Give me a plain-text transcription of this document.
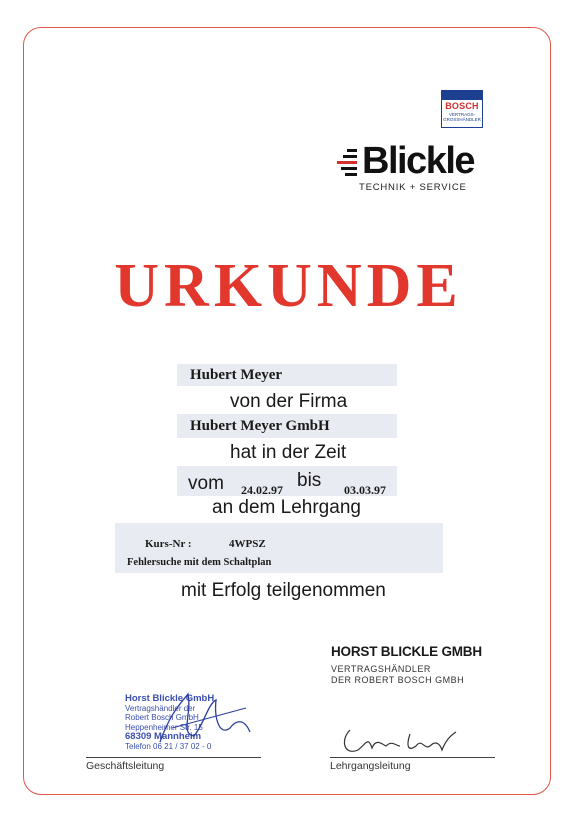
BOSCH
VERTRAGS-
GROSSHÄNDLER
Blickle
TECHNIK + SERVICE
URKUNDE
Hubert Meyer
von der Firma
Hubert Meyer GmbH
hat in der Zeit
vom 24.02.97 bis 03.03.97
an dem Lehrgang
Kurs-Nr :	4WPSZ
Fehlersuche mit dem Schaltplan
mit Erfolg teilgenommen
HORST BLICKLE GMBH
VERTRAGSHÄNDLER
DER ROBERT BOSCH GMBH
Horst Blickle GmbH
Vertragshändler der
Robert Bosch GmbH
Heppenheimer Str. 15
68309 Mannheim
Telefon 06 21 / 37 02 - 0
Geschäftsleitung	Lehrgangsleitung
